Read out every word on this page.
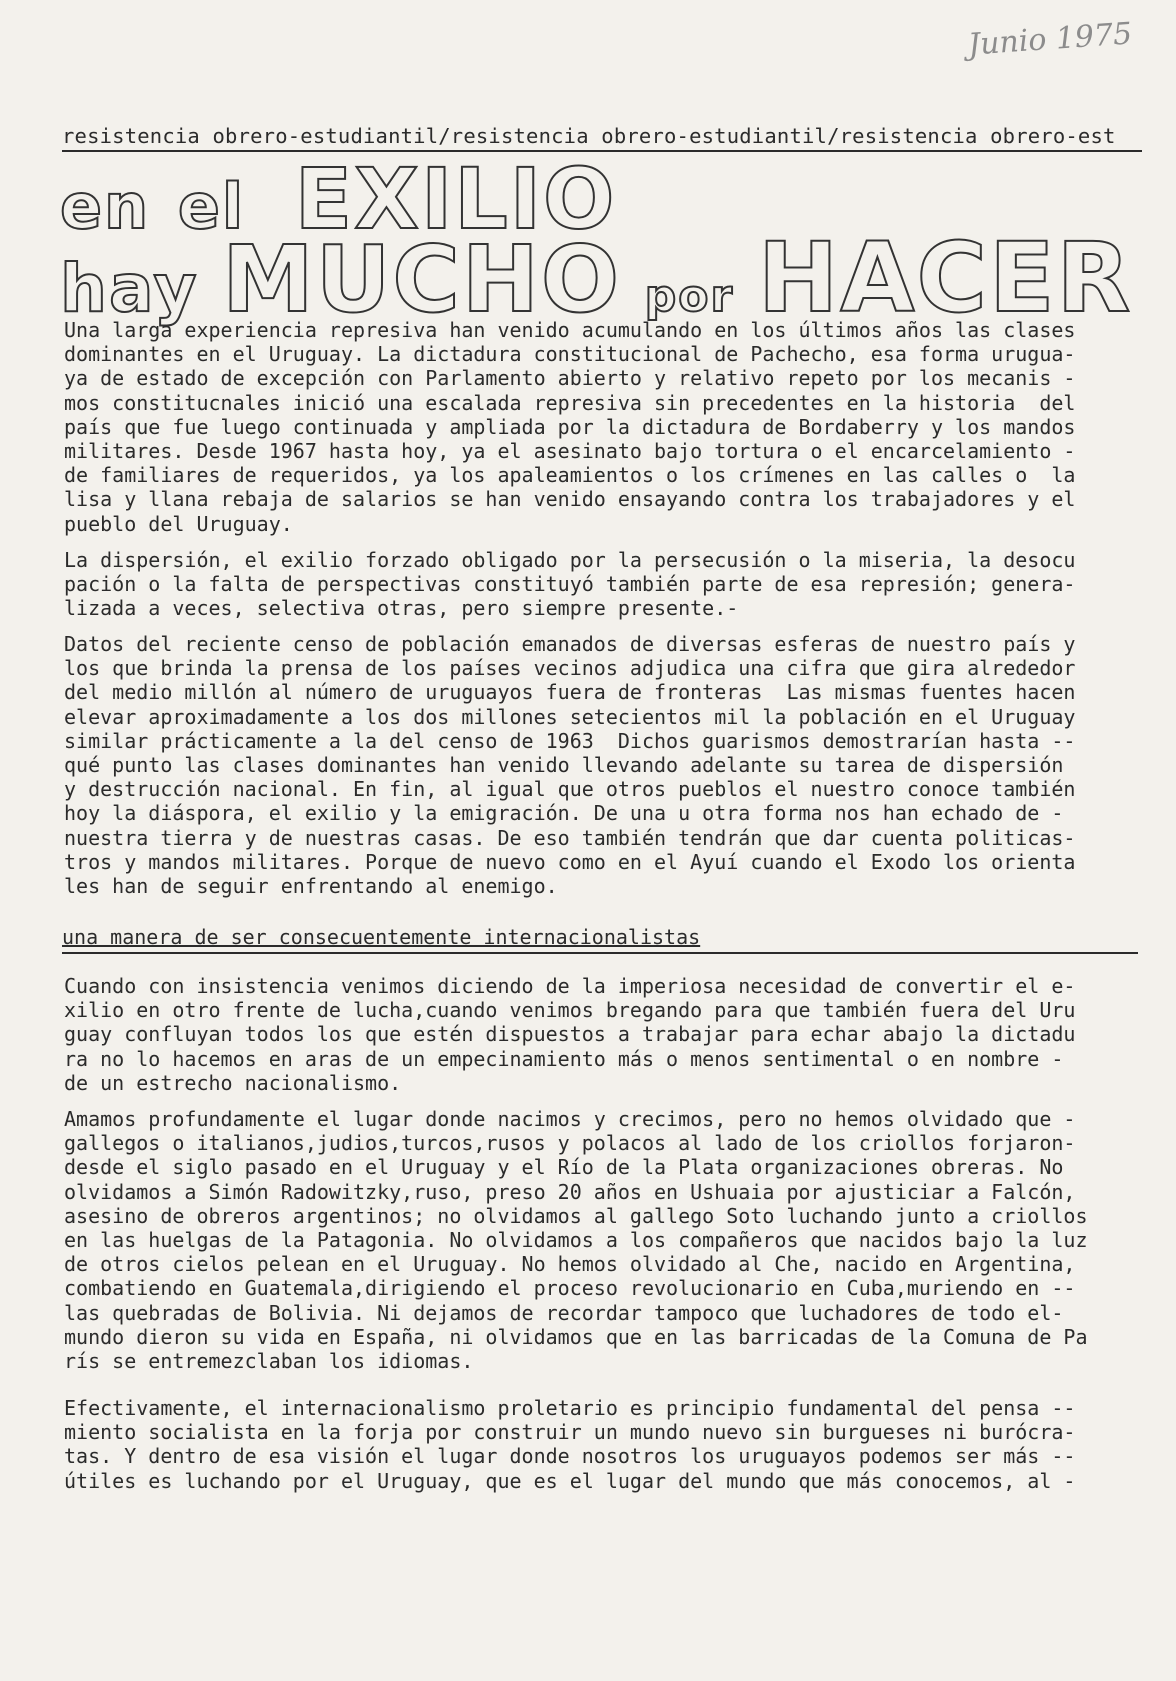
Junio 1975
resistencia obrero-estudiantil/resistencia obrero-estudiantil/resistencia obrero-est
en el EXILIO
hay MUCHO por HACER
Una larga experiencia represiva han venido acumulando en los últimos años las clases
dominantes en el Uruguay. La dictadura constitucional de Pachecho, esa forma urugua-
ya de estado de excepción con Parlamento abierto y relativo repeto por los mecanis -
mos constitucnales inició una escalada represiva sin precedentes en la historia  del
país que fue luego continuada y ampliada por la dictadura de Bordaberry y los mandos
militares. Desde 1967 hasta hoy, ya el asesinato bajo tortura o el encarcelamiento -
de familiares de requeridos, ya los apaleamientos o los crímenes en las calles o  la
lisa y llana rebaja de salarios se han venido ensayando contra los trabajadores y el
pueblo del Uruguay.
La dispersión, el exilio forzado obligado por la persecusión o la miseria, la desocu
pación o la falta de perspectivas constituyó también parte de esa represión; genera-
lizada a veces, selectiva otras, pero siempre presente.-
Datos del reciente censo de población emanados de diversas esferas de nuestro país y
los que brinda la prensa de los países vecinos adjudica una cifra que gira alrededor
del medio millón al número de uruguayos fuera de fronteras  Las mismas fuentes hacen
elevar aproximadamente a los dos millones setecientos mil la población en el Uruguay
similar prácticamente a la del censo de 1963  Dichos guarismos demostrarían hasta --
qué punto las clases dominantes han venido llevando adelante su tarea de dispersión
y destrucción nacional. En fin, al igual que otros pueblos el nuestro conoce también
hoy la diáspora, el exilio y la emigración. De una u otra forma nos han echado de -
nuestra tierra y de nuestras casas. De eso también tendrán que dar cuenta politicas-
tros y mandos militares. Porque de nuevo como en el Ayuí cuando el Exodo los orienta
les han de seguir enfrentando al enemigo.
una manera de ser consecuentemente internacionalistas
Cuando con insistencia venimos diciendo de la imperiosa necesidad de convertir el e-
xilio en otro frente de lucha,cuando venimos bregando para que también fuera del Uru
guay confluyan todos los que estén dispuestos a trabajar para echar abajo la dictadu
ra no lo hacemos en aras de un empecinamiento más o menos sentimental o en nombre -
de un estrecho nacionalismo.
Amamos profundamente el lugar donde nacimos y crecimos, pero no hemos olvidado que -
gallegos o italianos,judios,turcos,rusos y polacos al lado de los criollos forjaron-
desde el siglo pasado en el Uruguay y el Río de la Plata organizaciones obreras. No
olvidamos a Simón Radowitzky,ruso, preso 20 años en Ushuaia por ajusticiar a Falcón,
asesino de obreros argentinos; no olvidamos al gallego Soto luchando junto a criollos
en las huelgas de la Patagonia. No olvidamos a los compañeros que nacidos bajo la luz
de otros cielos pelean en el Uruguay. No hemos olvidado al Che, nacido en Argentina,
combatiendo en Guatemala,dirigiendo el proceso revolucionario en Cuba,muriendo en --
las quebradas de Bolivia. Ni dejamos de recordar tampoco que luchadores de todo el-
mundo dieron su vida en España, ni olvidamos que en las barricadas de la Comuna de Pa
rís se entremezclaban los idiomas.
Efectivamente, el internacionalismo proletario es principio fundamental del pensa --
miento socialista en la forja por construir un mundo nuevo sin burgueses ni burócra-
tas. Y dentro de esa visión el lugar donde nosotros los uruguayos podemos ser más --
útiles es luchando por el Uruguay, que es el lugar del mundo que más conocemos, al -
